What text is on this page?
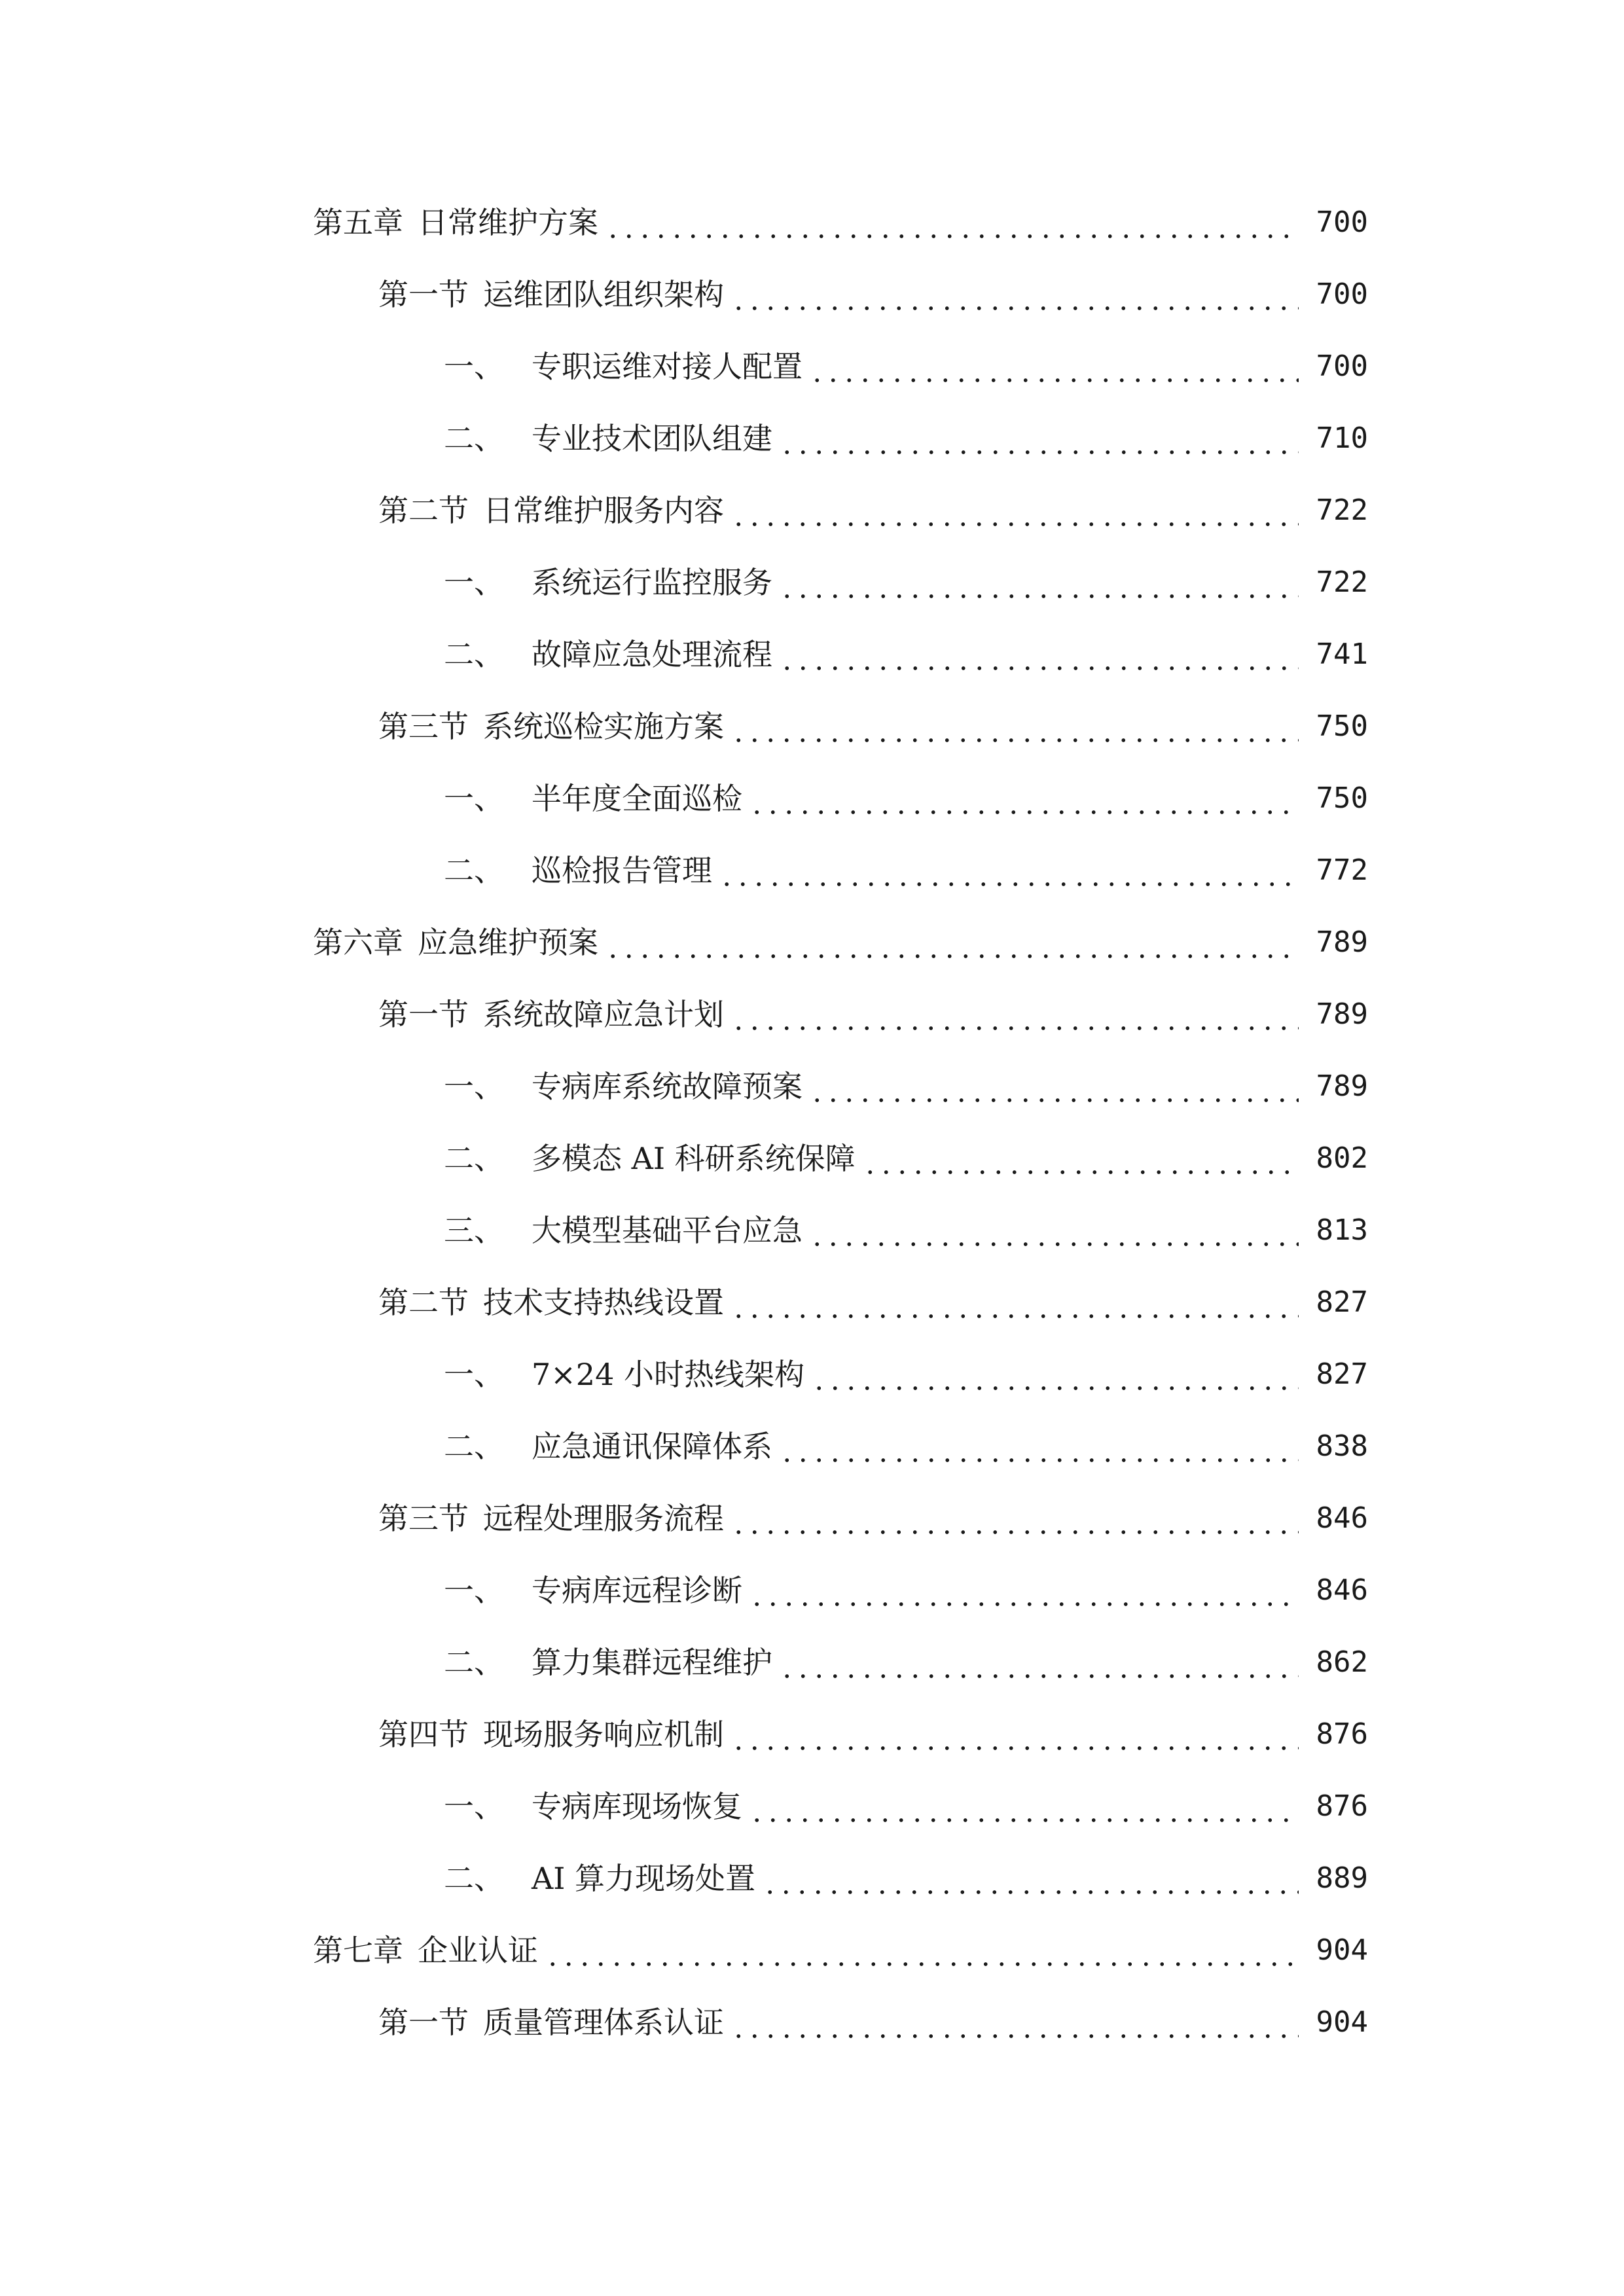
第五章 日常维护方案	700
第一节 运维团队组织架构	700
一、 专职运维对接人配置	700
二、 专业技术团队组建	710
第二节 日常维护服务内容	722
一、 系统运行监控服务	722
二、 故障应急处理流程	741
第三节 系统巡检实施方案	750
一、 半年度全面巡检	750
二、 巡检报告管理	772
第六章 应急维护预案	789
第一节 系统故障应急计划	789
一、 专病库系统故障预案	789
二、 多模态 AI 科研系统保障	802
三、 大模型基础平台应急	813
第二节 技术支持热线设置	827
一、 7×24 小时热线架构	827
二、 应急通讯保障体系	838
第三节 远程处理服务流程	846
一、 专病库远程诊断	846
二、 算力集群远程维护	862
第四节 现场服务响应机制	876
一、 专病库现场恢复	876
二、 AI 算力现场处置	889
第七章 企业认证	904
第一节 质量管理体系认证	904
